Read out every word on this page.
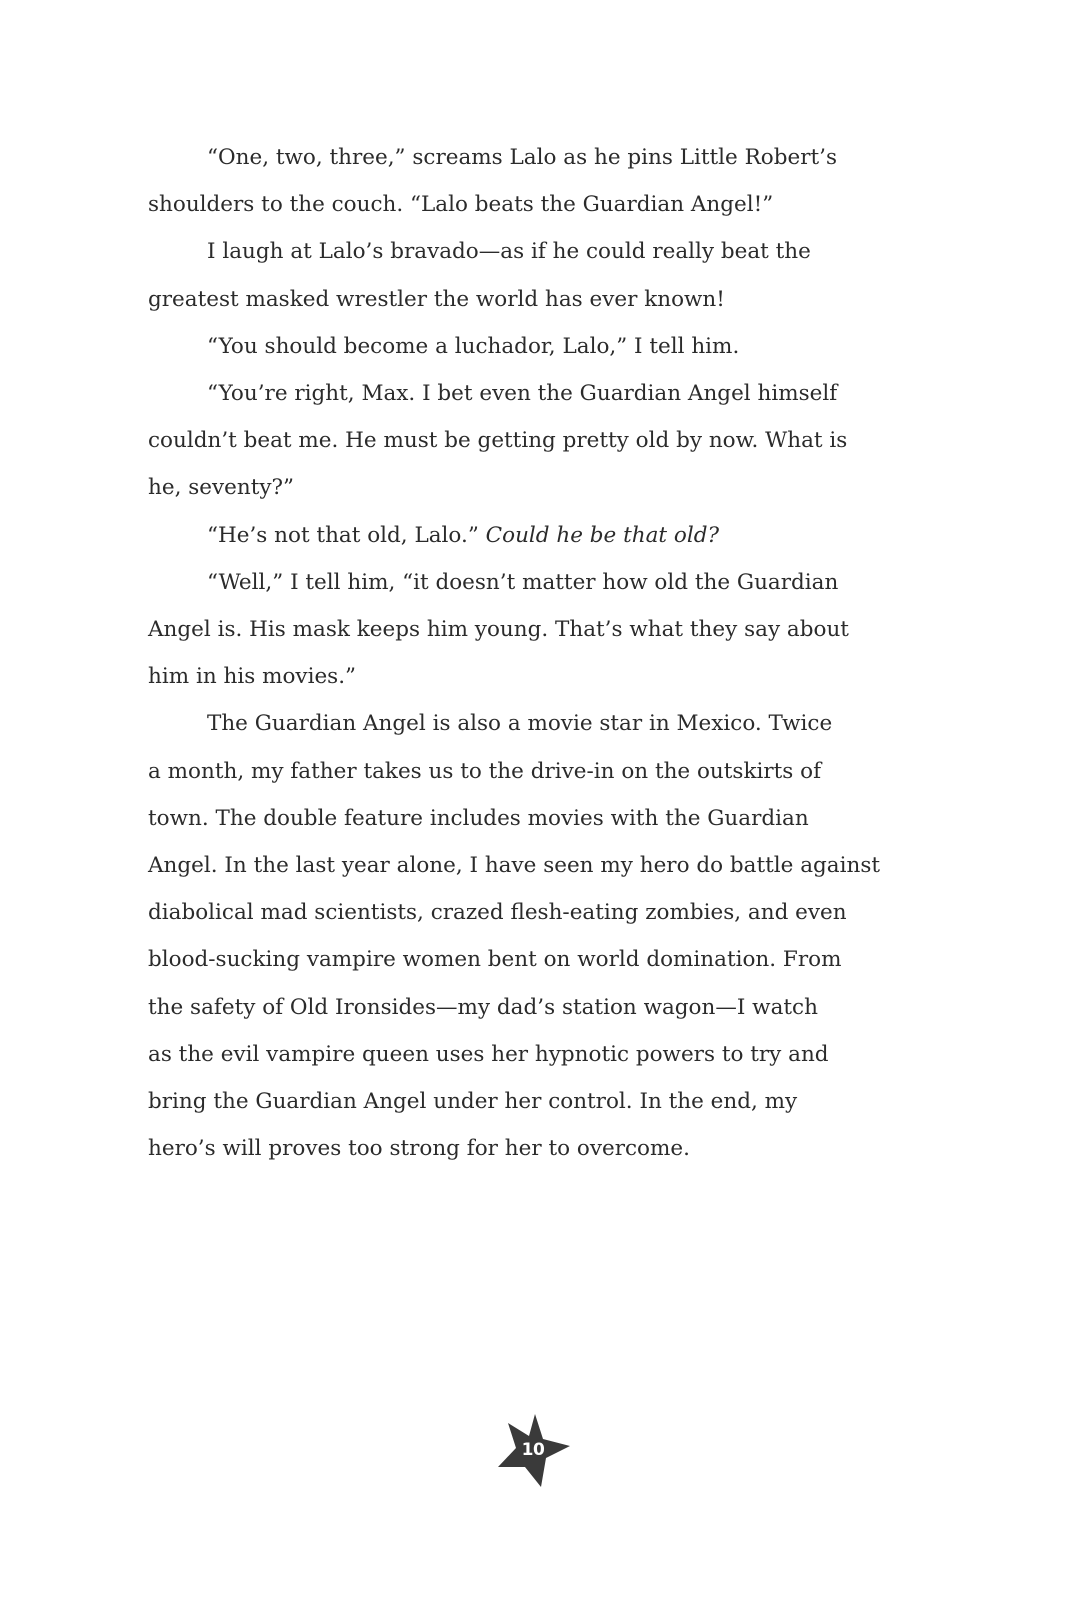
“One, two, three,” screams Lalo as he pins Little Robert’s
shoulders to the couch. “Lalo beats the Guardian Angel!”
I laugh at Lalo’s bravado—as if he could really beat the
greatest masked wrestler the world has ever known!
“You should become a luchador, Lalo,” I tell him.
“You’re right, Max. I bet even the Guardian Angel himself
couldn’t beat me. He must be getting pretty old by now. What is
he, seventy?”
“He’s not that old, Lalo.” Could he be that old?
“Well,” I tell him, “it doesn’t matter how old the Guardian
Angel is. His mask keeps him young. That’s what they say about
him in his movies.”
The Guardian Angel is also a movie star in Mexico. Twice
a month, my father takes us to the drive-in on the outskirts of
town. The double feature includes movies with the Guardian
Angel. In the last year alone, I have seen my hero do battle against
diabolical mad scientists, crazed flesh-eating zombies, and even
blood-sucking vampire women bent on world domination. From
the safety of Old Ironsides—my dad’s station wagon—I watch
as the evil vampire queen uses her hypnotic powers to try and
bring the Guardian Angel under her control. In the end, my
hero’s will proves too strong for her to overcome.
10
